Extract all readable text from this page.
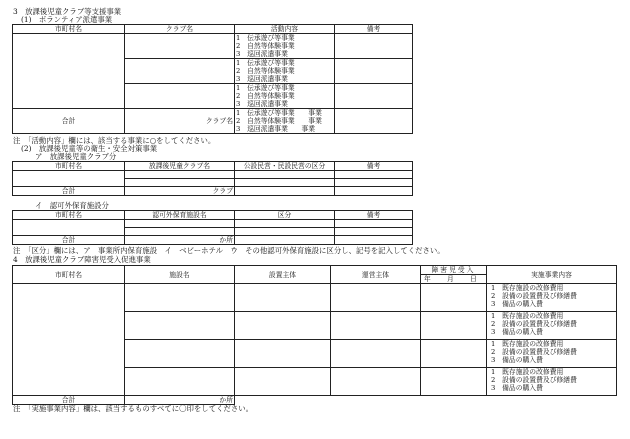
3　放課後児童クラブ等支援事業
(1)　ボランティア派遣事業
市町村名	クラブ名	活動内容	備考

		1　伝承遊び等事業
2　自然等体験事業
3　巡回派遣事業	

		1　伝承遊び等事業
2　自然等体験事業
3　巡回派遣事業	

		1　伝承遊び等事業
2　自然等体験事業
3　巡回派遣事業	

合計	クラブ名	1　伝承遊び等事業　　事業
2　自然等体験事業　　事業
3　巡回派遣事業　　事業	

注　「活動内容」欄には、該当する事業に○をしてください。
(2)　放課後児童等の衛生・安全対策事業
ア　放課後児童クラブ分
市町村名	放課後児童クラブ名	公設民営・民設民営の区分	備考

合計	クラブ		
イ　認可外保育施設分
市町村名	認可外保育施設名	区分	備考

合計	か所		
注　「区分」欄には、ア　事業所内保育施設　イ　ベビーホテル　ウ　その他認可外保育施設に区分し、記号を記入してください。
4　放課後児童クラブ障害児受入促進事業
市町村名	施設名	設置主体	運営主体	障害児受入	実施事業内容
				年 月 日	

					1　既存施設の改修費用
2　設備の設置費及び修繕費
3　備品の購入費

					1　既存施設の改修費用
2　設備の設置費及び修繕費
3　備品の購入費

					1　既存施設の改修費用
2　設備の設置費及び修繕費
3　備品の購入費

					1　既存施設の改修費用
2　設備の設置費及び修繕費
3　備品の購入費

合計	か所				
注　「実施事業内容」欄は、該当するものすべてに〇印をしてください。
